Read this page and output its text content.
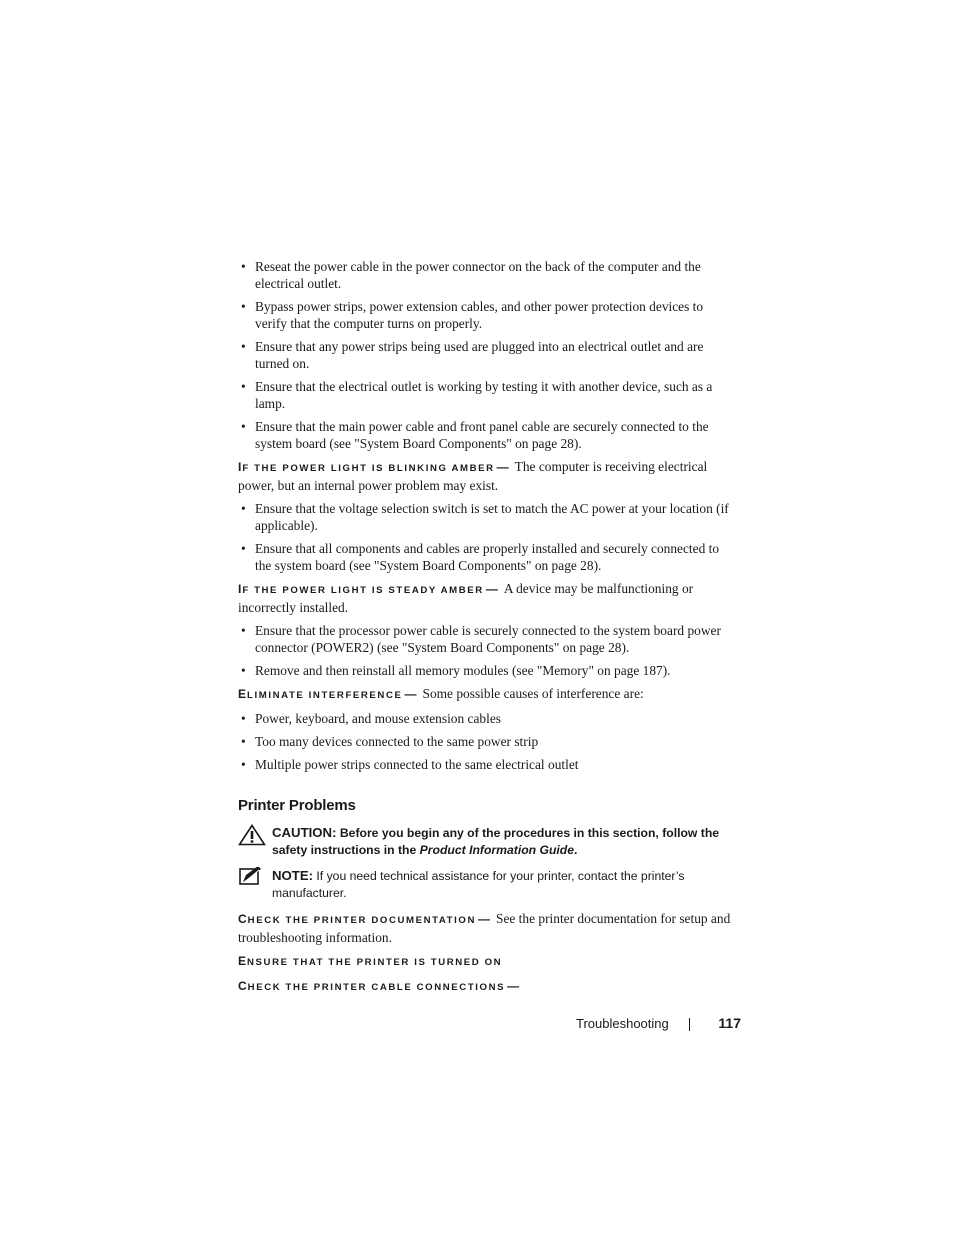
• Reseat the power cable in the power connector on the back of the computer and the electrical outlet.
• Bypass power strips, power extension cables, and other power protection devices to verify that the computer turns on properly.
• Ensure that any power strips being used are plugged into an electrical outlet and are turned on.
• Ensure that the electrical outlet is working by testing it with another device, such as a lamp.
• Ensure that the main power cable and front panel cable are securely connected to the system board (see "System Board Components" on page 28).

IF THE POWER LIGHT IS BLINKING AMBER — The computer is receiving electrical power, but an internal power problem may exist.

• Ensure that the voltage selection switch is set to match the AC power at your location (if applicable).
• Ensure that all components and cables are properly installed and securely connected to the system board (see "System Board Components" on page 28).

IF THE POWER LIGHT IS STEADY AMBER — A device may be malfunctioning or incorrectly installed.

• Ensure that the processor power cable is securely connected to the system board power connector (POWER2) (see "System Board Components" on page 28).
• Remove and then reinstall all memory modules (see "Memory" on page 187).

ELIMINATE INTERFERENCE — Some possible causes of interference are:

• Power, keyboard, and mouse extension cables
• Too many devices connected to the same power strip
• Multiple power strips connected to the same electrical outlet
Printer Problems
CAUTION: Before you begin any of the procedures in this section, follow the safety instructions in the Product Information Guide.
NOTE: If you need technical assistance for your printer, contact the printer’s manufacturer.

CHECK THE PRINTER DOCUMENTATION — See the printer documentation for setup and troubleshooting information.

ENSURE THAT THE PRINTER IS TURNED ON

CHECK THE PRINTER CABLE CONNECTIONS —

Troubleshooting	117
